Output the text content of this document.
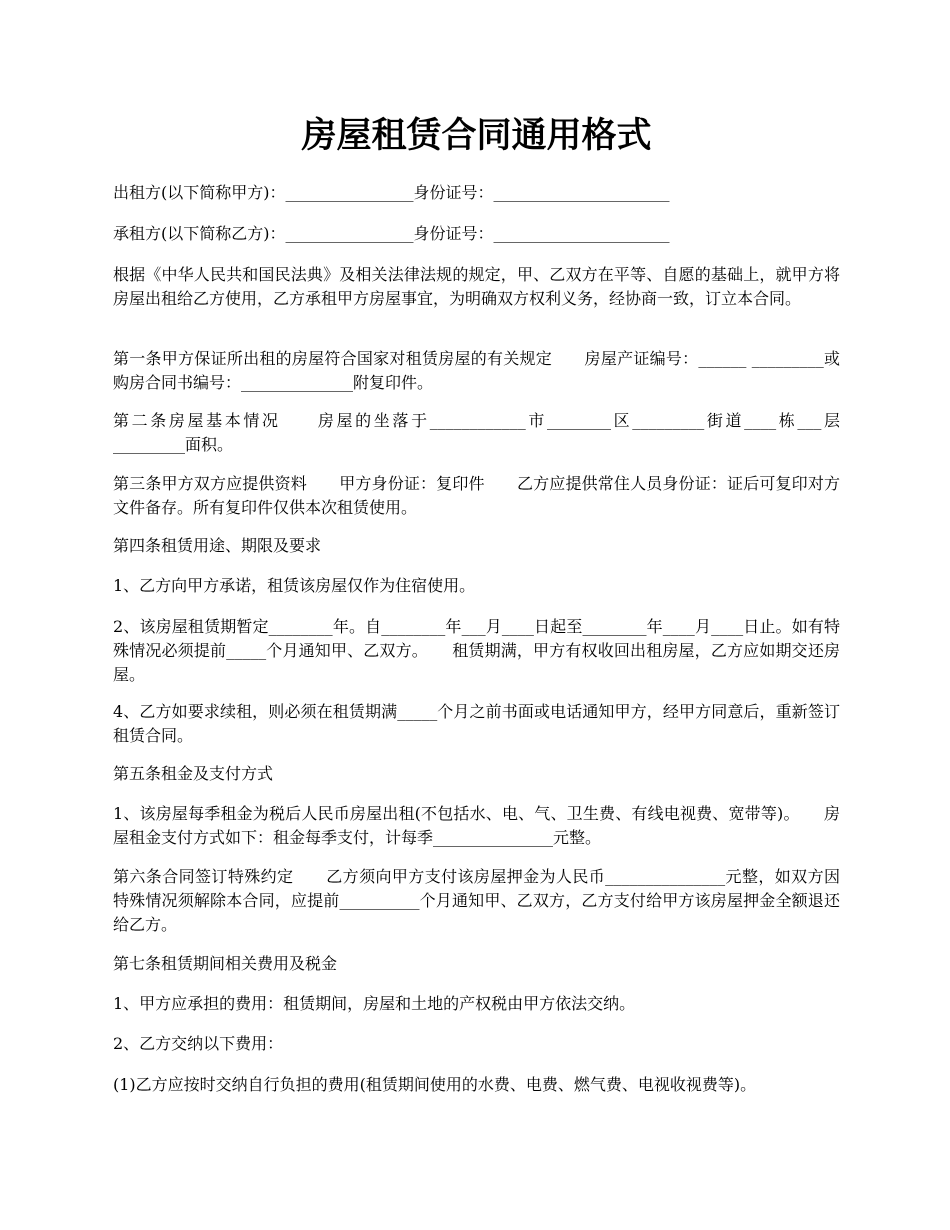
房屋租赁合同通用格式
出租方(以下简称甲方)：________________身份证号：______________________
承租方(以下简称乙方)：________________身份证号：______________________
根据《中华人民共和国民法典》及相关法律法规的规定，甲、乙双方在平等、自愿的基础上，就甲方将房屋出租给乙方使用，乙方承租甲方房屋事宜，为明确双方权利义务，经协商一致，订立本合同。
第一条甲方保证所出租的房屋符合国家对租赁房屋的有关规定　　房屋产证编号：______ _________或购房合同书编号：______________附复印件。
第二条房屋基本情况　　房屋的坐落于____________市________区_________街道____栋___层_________面积。
第三条甲方双方应提供资料　　甲方身份证：复印件　　乙方应提供常住人员身份证：证后可复印对方文件备存。所有复印件仅供本次租赁使用。
第四条租赁用途、期限及要求
1、乙方向甲方承诺，租赁该房屋仅作为住宿使用。
2、该房屋租赁期暂定________年。自________年___月____日起至________年____月____日止。如有特殊情况必须提前_____个月通知甲、乙双方。　　租赁期满，甲方有权收回出租房屋，乙方应如期交还房屋。
4、乙方如要求续租，则必须在租赁期满_____个月之前书面或电话通知甲方，经甲方同意后，重新签订租赁合同。
第五条租金及支付方式
1、该房屋每季租金为税后人民币房屋出租(不包括水、电、气、卫生费、有线电视费、宽带等)。　　房屋租金支付方式如下：租金每季支付，计每季_______________元整。
第六条合同签订特殊约定　　乙方须向甲方支付该房屋押金为人民币_______________元整，如双方因特殊情况须解除本合同，应提前__________个月通知甲、乙双方，乙方支付给甲方该房屋押金全额退还给乙方。
第七条租赁期间相关费用及税金
1、甲方应承担的费用：租赁期间，房屋和土地的产权税由甲方依法交纳。
2、乙方交纳以下费用：
(1)乙方应按时交纳自行负担的费用(租赁期间使用的水费、电费、燃气费、电视收视费等)。
